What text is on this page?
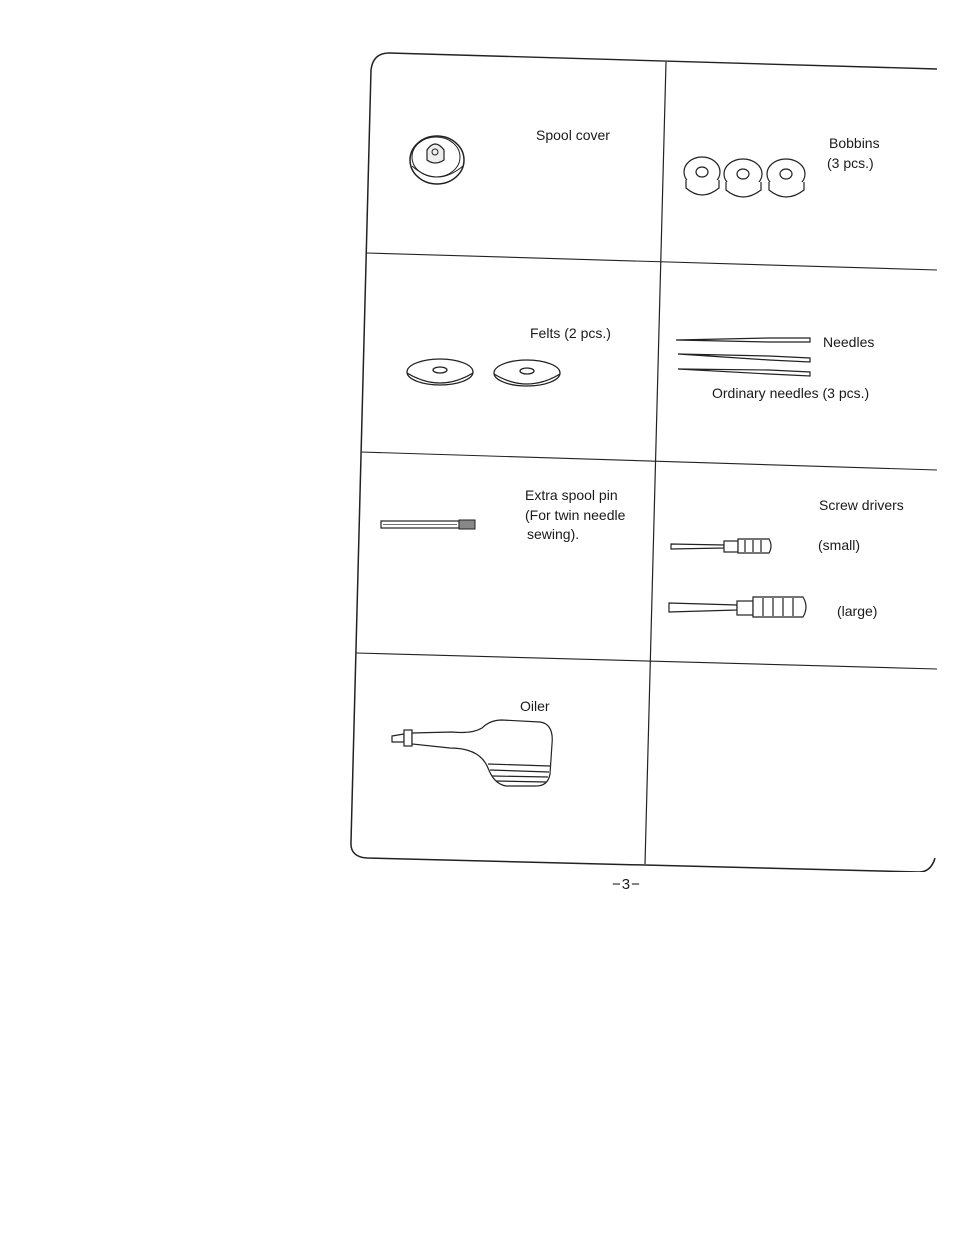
Spool cover	Bobbins
(3 pcs.)
Felts (2 pcs.)
Needles
Ordinary needles (3 pcs.)
Extra spool pin
(For twin needle
sewing).
Screw drivers
(small)
(large)
Oiler
−3−
